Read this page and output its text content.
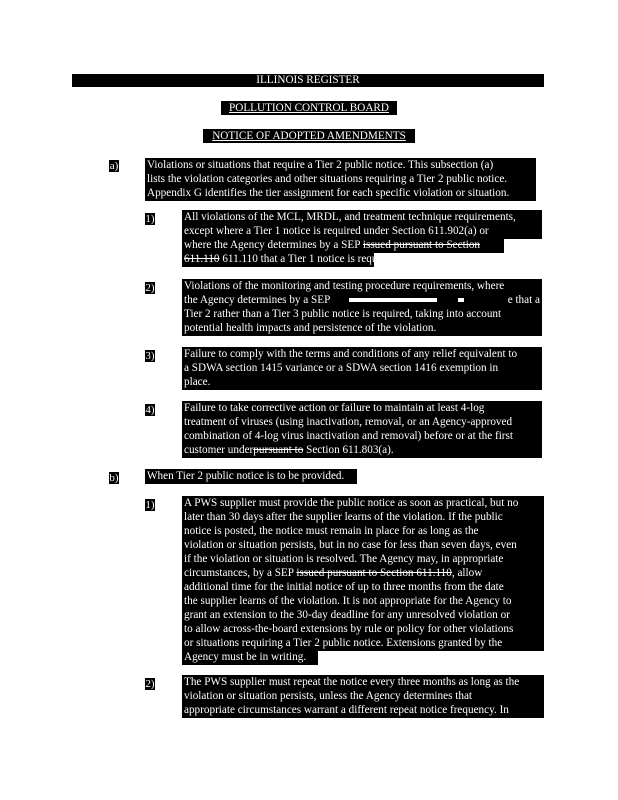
ILLINOIS REGISTER
POLLUTION CONTROL BOARD
NOTICE OF ADOPTED AMENDMENTS
a)	Violations or situations that require a Tier 2 public notice. This subsection (a)
lists the violation categories and other situations requiring a Tier 2 public notice.
Appendix G identifies the tier assignment for each specific violation or situation.
1)	All violations of the MCL, MRDL, and treatment technique requirements,
except where a Tier 1 notice is required under Section 611.902(a) or
where the Agency determines by a SEP issued pursuant to Section
611.110 611.110 that a Tier 1 notice is required.
2)	Violations of the monitoring and testing procedure requirements, where
the Agency determines by a SEP	e that a
Tier 2 rather than a Tier 3 public notice is required, taking into account
potential health impacts and persistence of the violation.
3)	Failure to comply with the terms and conditions of any relief equivalent to
a SDWA section 1415 variance or a SDWA section 1416 exemption in
place.
4)	Failure to take corrective action or failure to maintain at least 4-log
treatment of viruses (using inactivation, removal, or an Agency-approved
combination of 4-log virus inactivation and removal) before or at the first
customer underpursuant to Section 611.803(a).
b)	When Tier 2 public notice is to be provided.
1)	A PWS supplier must provide the public notice as soon as practical, but no
later than 30 days after the supplier learns of the violation. If the public
notice is posted, the notice must remain in place for as long as the
violation or situation persists, but in no case for less than seven days, even
if the violation or situation is resolved. The Agency may, in appropriate
circumstances, by a SEP issued pursuant to Section 611.110, allow
additional time for the initial notice of up to three months from the date
the supplier learns of the violation. It is not appropriate for the Agency to
grant an extension to the 30-day deadline for any unresolved violation or
to allow across-the-board extensions by rule or policy for other violations
or situations requiring a Tier 2 public notice. Extensions granted by the
Agency must be in writing.
2)	The PWS supplier must repeat the notice every three months as long as the
violation or situation persists, unless the Agency determines that
appropriate circumstances warrant a different repeat notice frequency. In
